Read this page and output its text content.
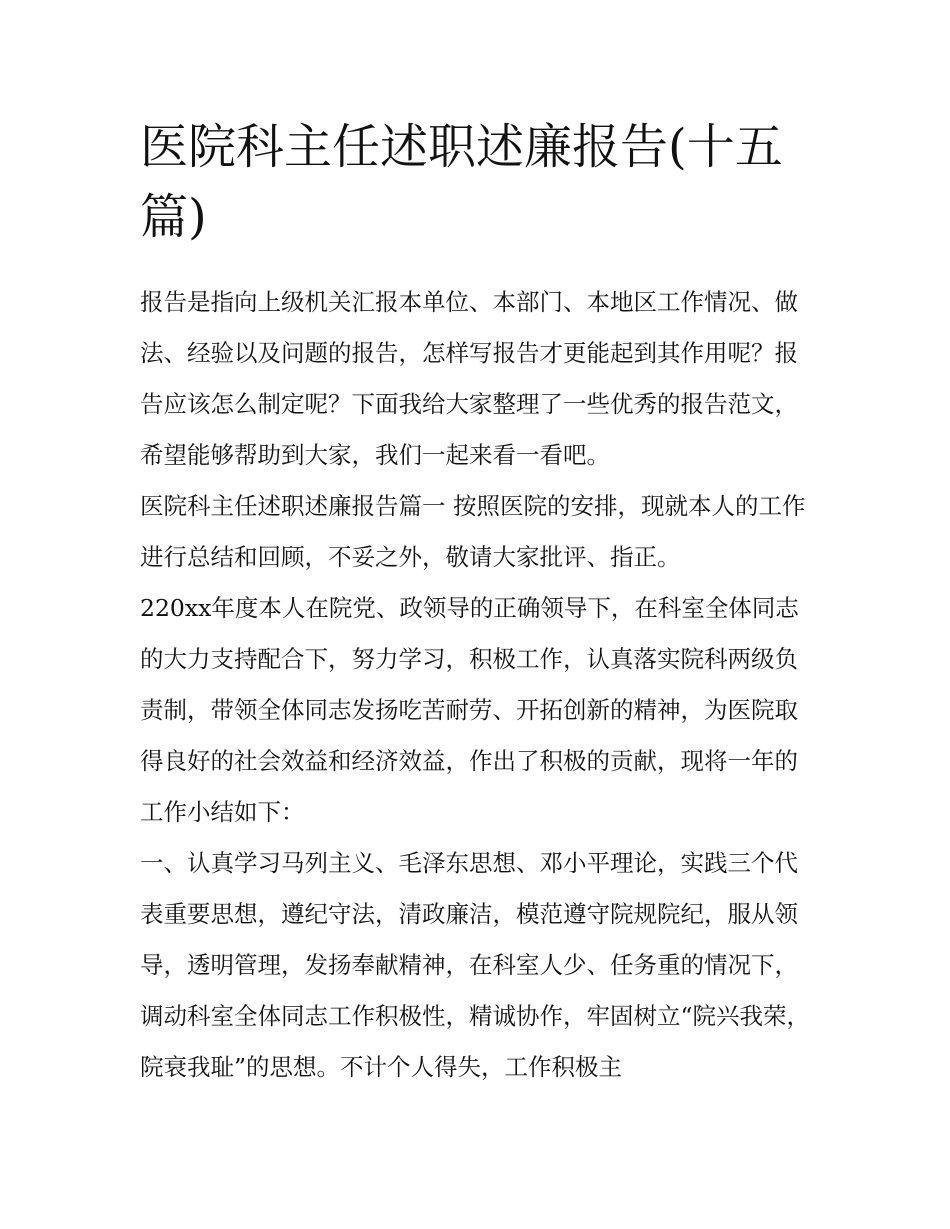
医院科主任述职述廉报告(十五篇)

报告是指向上级机关汇报本单位、本部门、本地区工作情况、做法、经验以及问题的报告，怎样写报告才更能起到其作用呢？报告应该怎么制定呢？下面我给大家整理了一些优秀的报告范文，希望能够帮助到大家，我们一起来看一看吧。

医院科主任述职述廉报告篇一 按照医院的安排，现就本人的工作进行总结和回顾，不妥之外，敬请大家批评、指正。

220xx年度本人在院党、政领导的正确领导下，在科室全体同志的大力支持配合下，努力学习，积极工作，认真落实院科两级负责制，带领全体同志发扬吃苦耐劳、开拓创新的精神，为医院取得良好的社会效益和经济效益，作出了积极的贡献，现将一年的工作小结如下：

一、认真学习马列主义、毛泽东思想、邓小平理论，实践三个代表重要思想，遵纪守法，清政廉洁，模范遵守院规院纪，服从领导，透明管理，发扬奉献精神，在科室人少、任务重的情况下，调动科室全体同志工作积极性，精诚协作，牢固树立“院兴我荣，院衰我耻”的思想。不计个人得失，工作积极主
